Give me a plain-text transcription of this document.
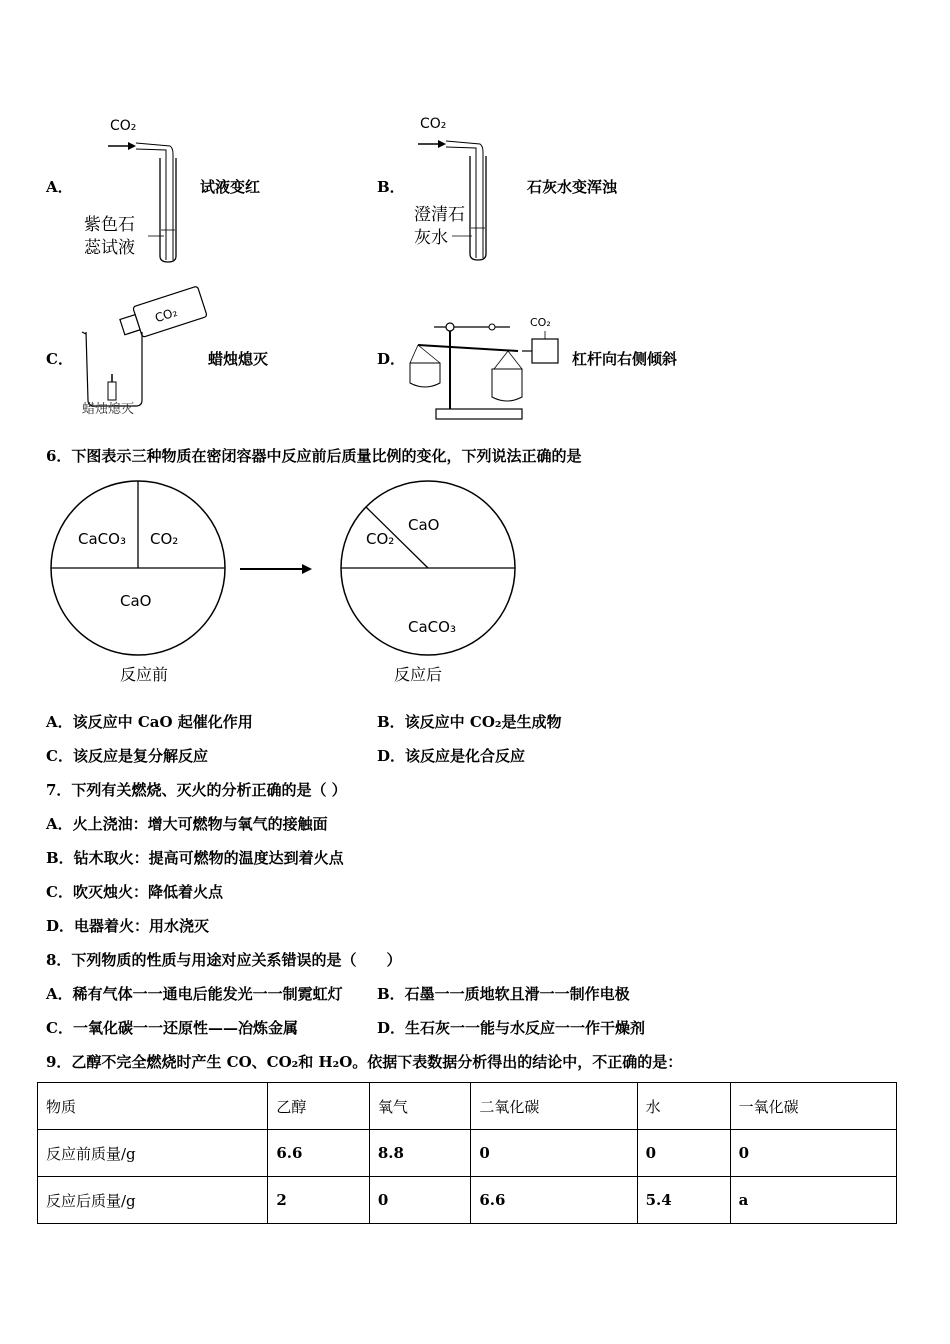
A．
CO₂
紫色石
蕊试液
试液变红	B．
CO₂
澄清石
灰水
石灰水变浑浊
C．
CO₂
蜡烛熄灭
蜡烛熄灭	D．
CO₂
杠杆向右侧倾斜
6．下图表示三种物质在密闭容器中反应前后质量比例的变化，下列说法正确的是
CaCO₃ CO₂
CaO
反应前
CO₂
CaO
CaCO₃
反应后
A．该反应中 CaO 起催化作用	B．该反应中 CO₂是生成物
C．该反应是复分解反应	D．该反应是化合反应
7．下列有关燃烧、灭火的分析正确的是（ ）
A．火上浇油：增大可燃物与氧气的接触面
B．钻木取火：提高可燃物的温度达到着火点
C．吹灭烛火：降低着火点
D．电器着火：用水浇灭
8．下列物质的性质与用途对应关系错误的是（　　）
A．稀有气体一一通电后能发光一一制霓虹灯 B．石墨一一质地软且滑一一制作电极
C．一氧化碳一一还原性——冶炼金属	D．生石灰一一能与水反应一一作干燥剂
9．乙醇不完全燃烧时产生 CO、CO₂和 H₂O。依据下表数据分析得出的结论中，不正确的是：
物质	乙醇	氧气	二氧化碳	水	一氧化碳
反应前质量/g	6.6	8.8	0	0	0
反应后质量/g	2	0	6.6	5.4	a
